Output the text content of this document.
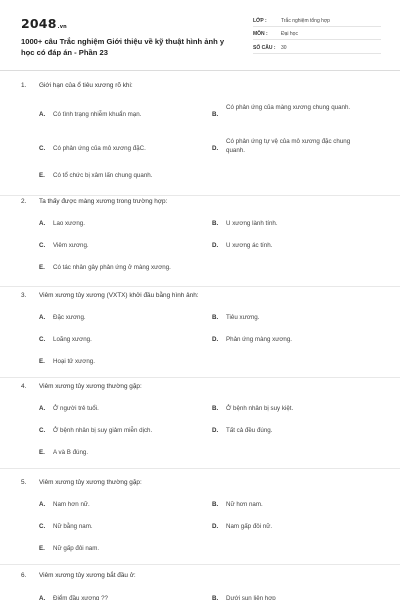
2048.vn
1000+ câu Trắc nghiệm Giới thiệu về kỹ thuật hình ảnh y học có đáp án - Phần 23
LỚP :	Trắc nghiệm tổng hợp
MÔN :	Đại học
SỐ CÂU :	30
1. Giới hạn của ổ tiêu xương rõ khi:
A.	Có tình trạng nhiễm khuẩn mạn.	B.
Có phản ứng của màng xương chung quanh.
C.	Có phản ứng của mô xương đặC.	D.
Có phản ứng tự vệ của mô xương đặc chung quanh.
E.	Có tổ chức bị xâm lấn chung quanh.
2. Ta thấy được màng xương trong trường hợp:
A.	Lao xương.	B.	U xương lành tính.
C.	Viêm xương.	D.	U xương ác tính.
E.	Có tác nhân gây phản ứng ở màng xương.
3. Viêm xương tủy xương (VXTX) khởi đầu bằng hình ảnh:
A.	Đặc xương.	B.	Tiêu xương.
C.	Loãng xương.	D.	Phản ứng màng xương.
E.	Hoại tử xương.
4. Viêm xương tủy xương thường gặp:
A.	Ở người trẻ tuổi.	B.	Ở bệnh nhân bị suy kiệt.
C.	Ở bệnh nhân bị suy giảm miễn dịch.	D.	Tất cả đều đúng.
E.	A và B đúng.
5. Viêm xương tủy xương thường gặp:
A.	Nam hơn nữ.	B.	Nữ hơn nam.
C.	Nữ bằng nam.	D.	Nam gấp đôi nữ.
E.	Nữ gấp đôi nam.
6. Viêm xương tủy xương bắt đầu ở:
A.	Điểm đầu xương ??	B.	Dưới sụn liên hợp
